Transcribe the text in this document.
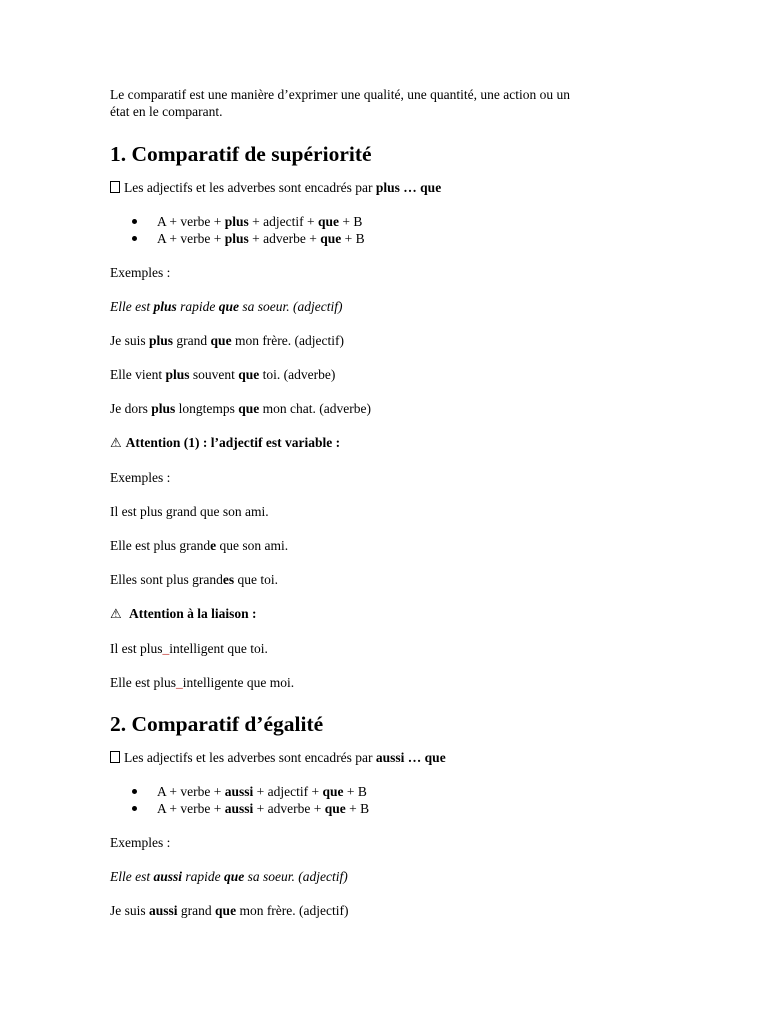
Le comparatif est une manière d’exprimer une qualité, une quantité, une action ou un

état en le comparant.

1. Comparatif de supériorité

Les adjectifs et les adverbes sont encadrés par plus … que

A + verbe + plus + adjectif + que + B
A + verbe + plus + adverbe + que + B

Exemples :

Elle est plus rapide que sa soeur. (adjectif)

Je suis plus grand que mon frère. (adjectif)

Elle vient plus souvent que toi. (adverbe)

Je dors plus longtemps que mon chat. (adverbe)

⚠ Attention (1) : l’adjectif est variable :

Exemples :

Il est plus grand que son ami.

Elle est plus grande que son ami.

Elles sont plus grandes que toi.

⚠ Attention à la liaison :

Il est plus_intelligent que toi.

Elle est plus_intelligente que moi.

2. Comparatif d’égalité

Les adjectifs et les adverbes sont encadrés par aussi … que

A + verbe + aussi + adjectif + que + B
A + verbe + aussi + adverbe + que + B

Exemples :

Elle est aussi rapide que sa soeur. (adjectif)

Je suis aussi grand que mon frère. (adjectif)
